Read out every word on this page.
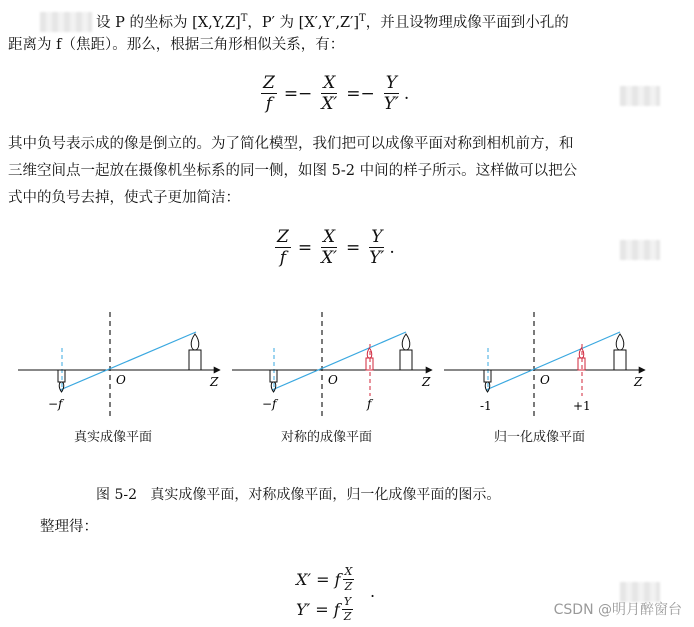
设 P 的坐标为 $[X,Y,Z]^T$，P′ 为 $[X',Y',Z']^T$，并且设物理成像平面到小孔的
距离为 f（焦距）。那么，根据三角形相似关系，有：
$\frac{Z}{f} =- \frac{X}{X'} =- \frac{Y}{Y'}$ .
其中负号表示成的像是倒立的。为了简化模型，我们把可以成像平面对称到相机前方，和
三维空间点一起放在摄像机坐标系的同一侧，如图 5-2 中间的样子所示。这样做可以把公
式中的负号去掉，使式子更加简洁：
$\frac{Z}{f} = \frac{X}{X'} = \frac{Y}{Y'}$ .
O	Z
−f
O	Z
−f	f
O	Z
-1	+1
真实成像平面	对称的成像平面	归一化成像平面
图 5-2   真实成像平面，对称成像平面，归一化成像平面的图示。
整理得：
X′ = f $\frac{X}{Z}$
Y′ = f $\frac{Y}{Z}$
.
CSDN @明月醉窗台
